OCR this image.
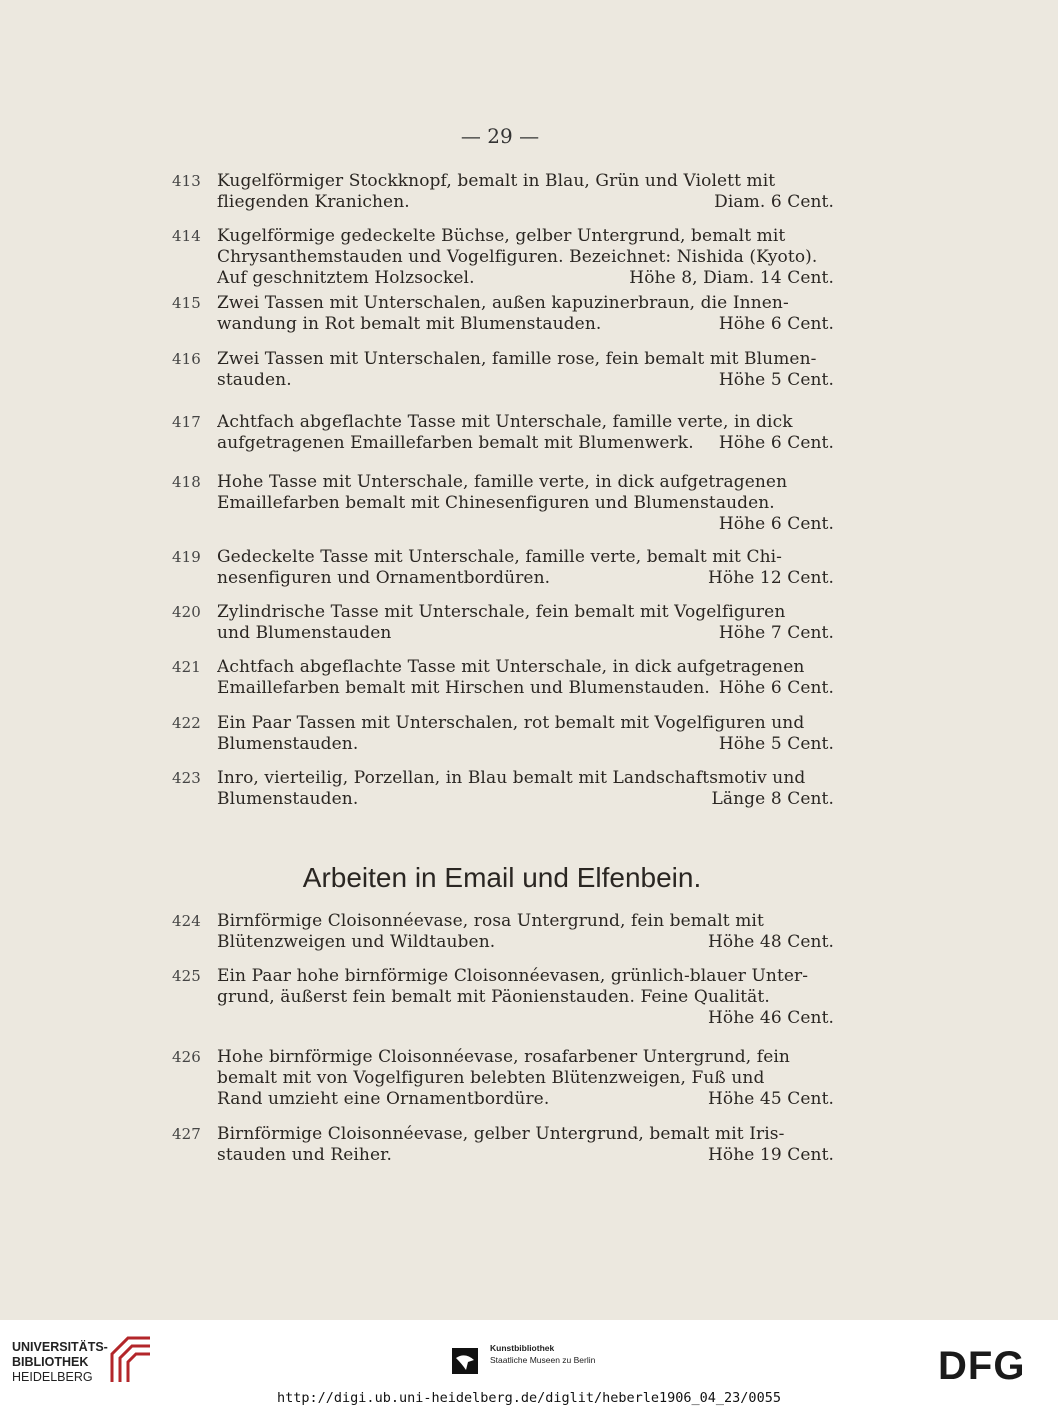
— 29 —
413 Kugelförmiger Stockknopf, bemalt in Blau, Grün und Violett mit
fliegenden Kranichen.	Diam. 6 Cent.
414 Kugelförmige gedeckelte Büchse, gelber Untergrund, bemalt mit
Chrysanthemstauden und Vogelfiguren. Bezeichnet: Nishida (Kyoto).
Auf geschnitztem Holzsockel.	Höhe 8, Diam. 14 Cent.
415 Zwei Tassen mit Unterschalen, außen kapuzinerbraun, die Innen-
wandung in Rot bemalt mit Blumenstauden.	Höhe 6 Cent.
416 Zwei Tassen mit Unterschalen, famille rose, fein bemalt mit Blumen-
stauden.	Höhe 5 Cent.
417 Achtfach abgeflachte Tasse mit Unterschale, famille verte, in dick
aufgetragenen Emaillefarben bemalt mit Blumenwerk. Höhe 6 Cent.
418 Hohe Tasse mit Unterschale, famille verte, in dick aufgetragenen
Emaillefarben bemalt mit Chinesenfiguren und Blumenstauden.
Höhe 6 Cent.
419 Gedeckelte Tasse mit Unterschale, famille verte, bemalt mit Chi-
nesenfiguren und Ornamentbordüren.	Höhe 12 Cent.
420 Zylindrische Tasse mit Unterschale, fein bemalt mit Vogelfiguren
und Blumenstauden	Höhe 7 Cent.
421 Achtfach abgeflachte Tasse mit Unterschale, in dick aufgetragenen
Emaillefarben bemalt mit Hirschen und Blumenstauden. Höhe 6 Cent.
422 Ein Paar Tassen mit Unterschalen, rot bemalt mit Vogelfiguren und
Blumenstauden.	Höhe 5 Cent.
423 Inro, vierteilig, Porzellan, in Blau bemalt mit Landschaftsmotiv und
Blumenstauden.	Länge 8 Cent.
Arbeiten in Email und Elfenbein.
424 Birnförmige Cloisonnéevase, rosa Untergrund, fein bemalt mit
Blütenzweigen und Wildtauben.	Höhe 48 Cent.
425 Ein Paar hohe birnförmige Cloisonnéevasen, grünlich-blauer Unter-
grund, äußerst fein bemalt mit Päonienstauden. Feine Qualität.
Höhe 46 Cent.
426 Hohe birnförmige Cloisonnéevase, rosafarbener Untergrund, fein
bemalt mit von Vogelfiguren belebten Blütenzweigen, Fuß und
Rand umzieht eine Ornamentbordüre.	Höhe 45 Cent.
427 Birnförmige Cloisonnéevase, gelber Untergrund, bemalt mit Iris-
stauden und Reiher.	Höhe 19 Cent.
UNIVERSITÄTS-
BIBLIOTHEK
HEIDELBERG
Kunstbibliothek
Staatliche Museen zu Berlin	DFG
http://digi.ub.uni-heidelberg.de/diglit/heberle1906_04_23/0055
